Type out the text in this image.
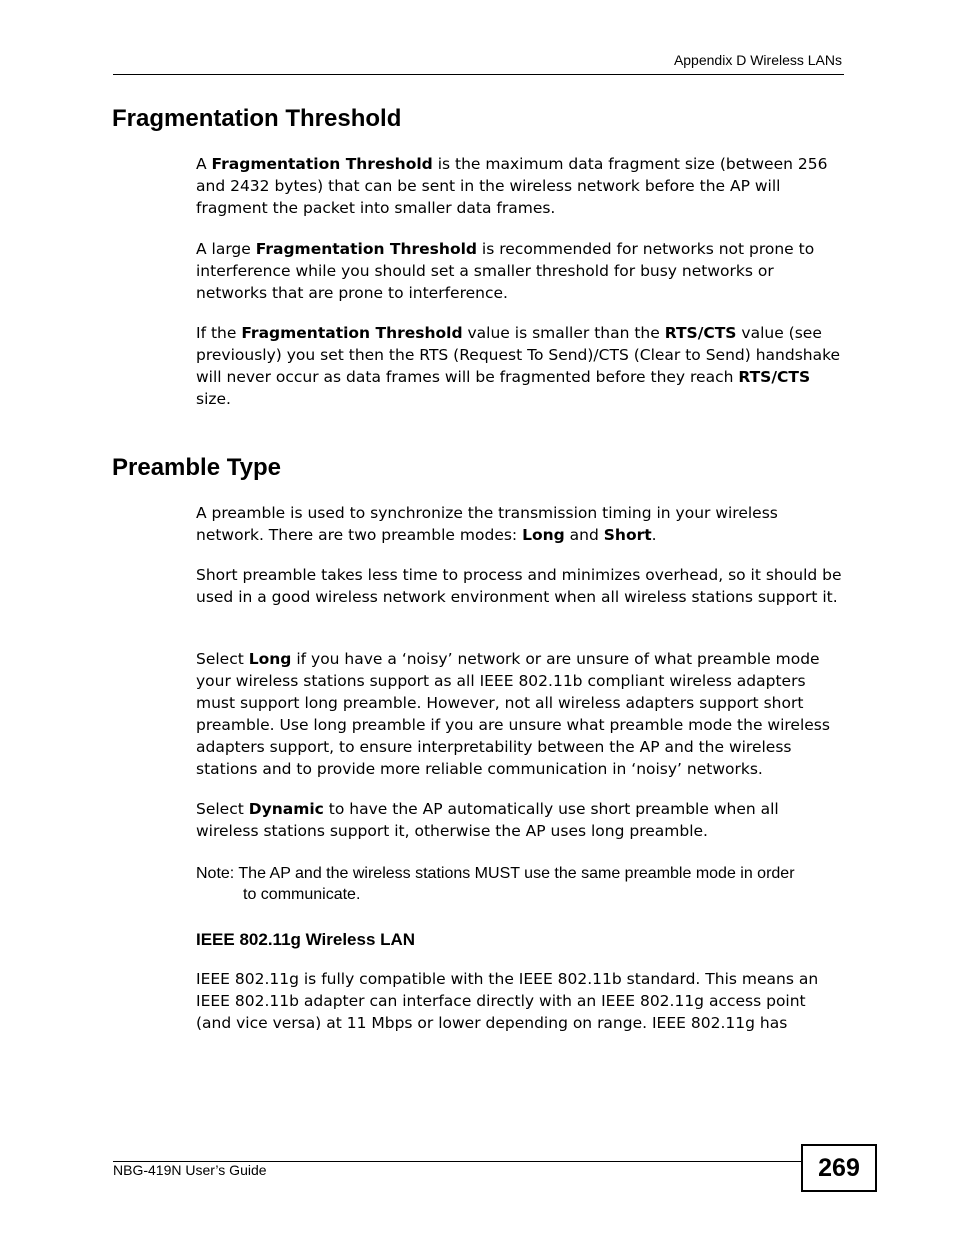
Appendix D Wireless LANs
Fragmentation Threshold

A Fragmentation Threshold is the maximum data fragment size (between 256 and 2432 bytes) that can be sent in the wireless network before the AP will fragment the packet into smaller data frames.

A large Fragmentation Threshold is recommended for networks not prone to interference while you should set a smaller threshold for busy networks or networks that are prone to interference.

If the Fragmentation Threshold value is smaller than the RTS/CTS value (see previously) you set then the RTS (Request To Send)/CTS (Clear to Send) handshake will never occur as data frames will be fragmented before they reach RTS/CTS size.

Preamble Type

A preamble is used to synchronize the transmission timing in your wireless network. There are two preamble modes: Long and Short.

Short preamble takes less time to process and minimizes overhead, so it should be used in a good wireless network environment when all wireless stations support it.

Select Long if you have a ‘noisy’ network or are unsure of what preamble mode your wireless stations support as all IEEE 802.11b compliant wireless adapters must support long preamble. However, not all wireless adapters support short preamble. Use long preamble if you are unsure what preamble mode the wireless adapters support, to ensure interpretability between the AP and the wireless stations and to provide more reliable communication in ‘noisy’ networks.

Select Dynamic to have the AP automatically use short preamble when all wireless stations support it, otherwise the AP uses long preamble.

Note: The AP and the wireless stations MUST use the same preamble mode in order
to communicate.
IEEE 802.11g Wireless LAN

IEEE 802.11g is fully compatible with the IEEE 802.11b standard. This means an IEEE 802.11b adapter can interface directly with an IEEE 802.11g access point (and vice versa) at 11 Mbps or lower depending on range. IEEE 802.11g has

NBG-419N User’s Guide	269
